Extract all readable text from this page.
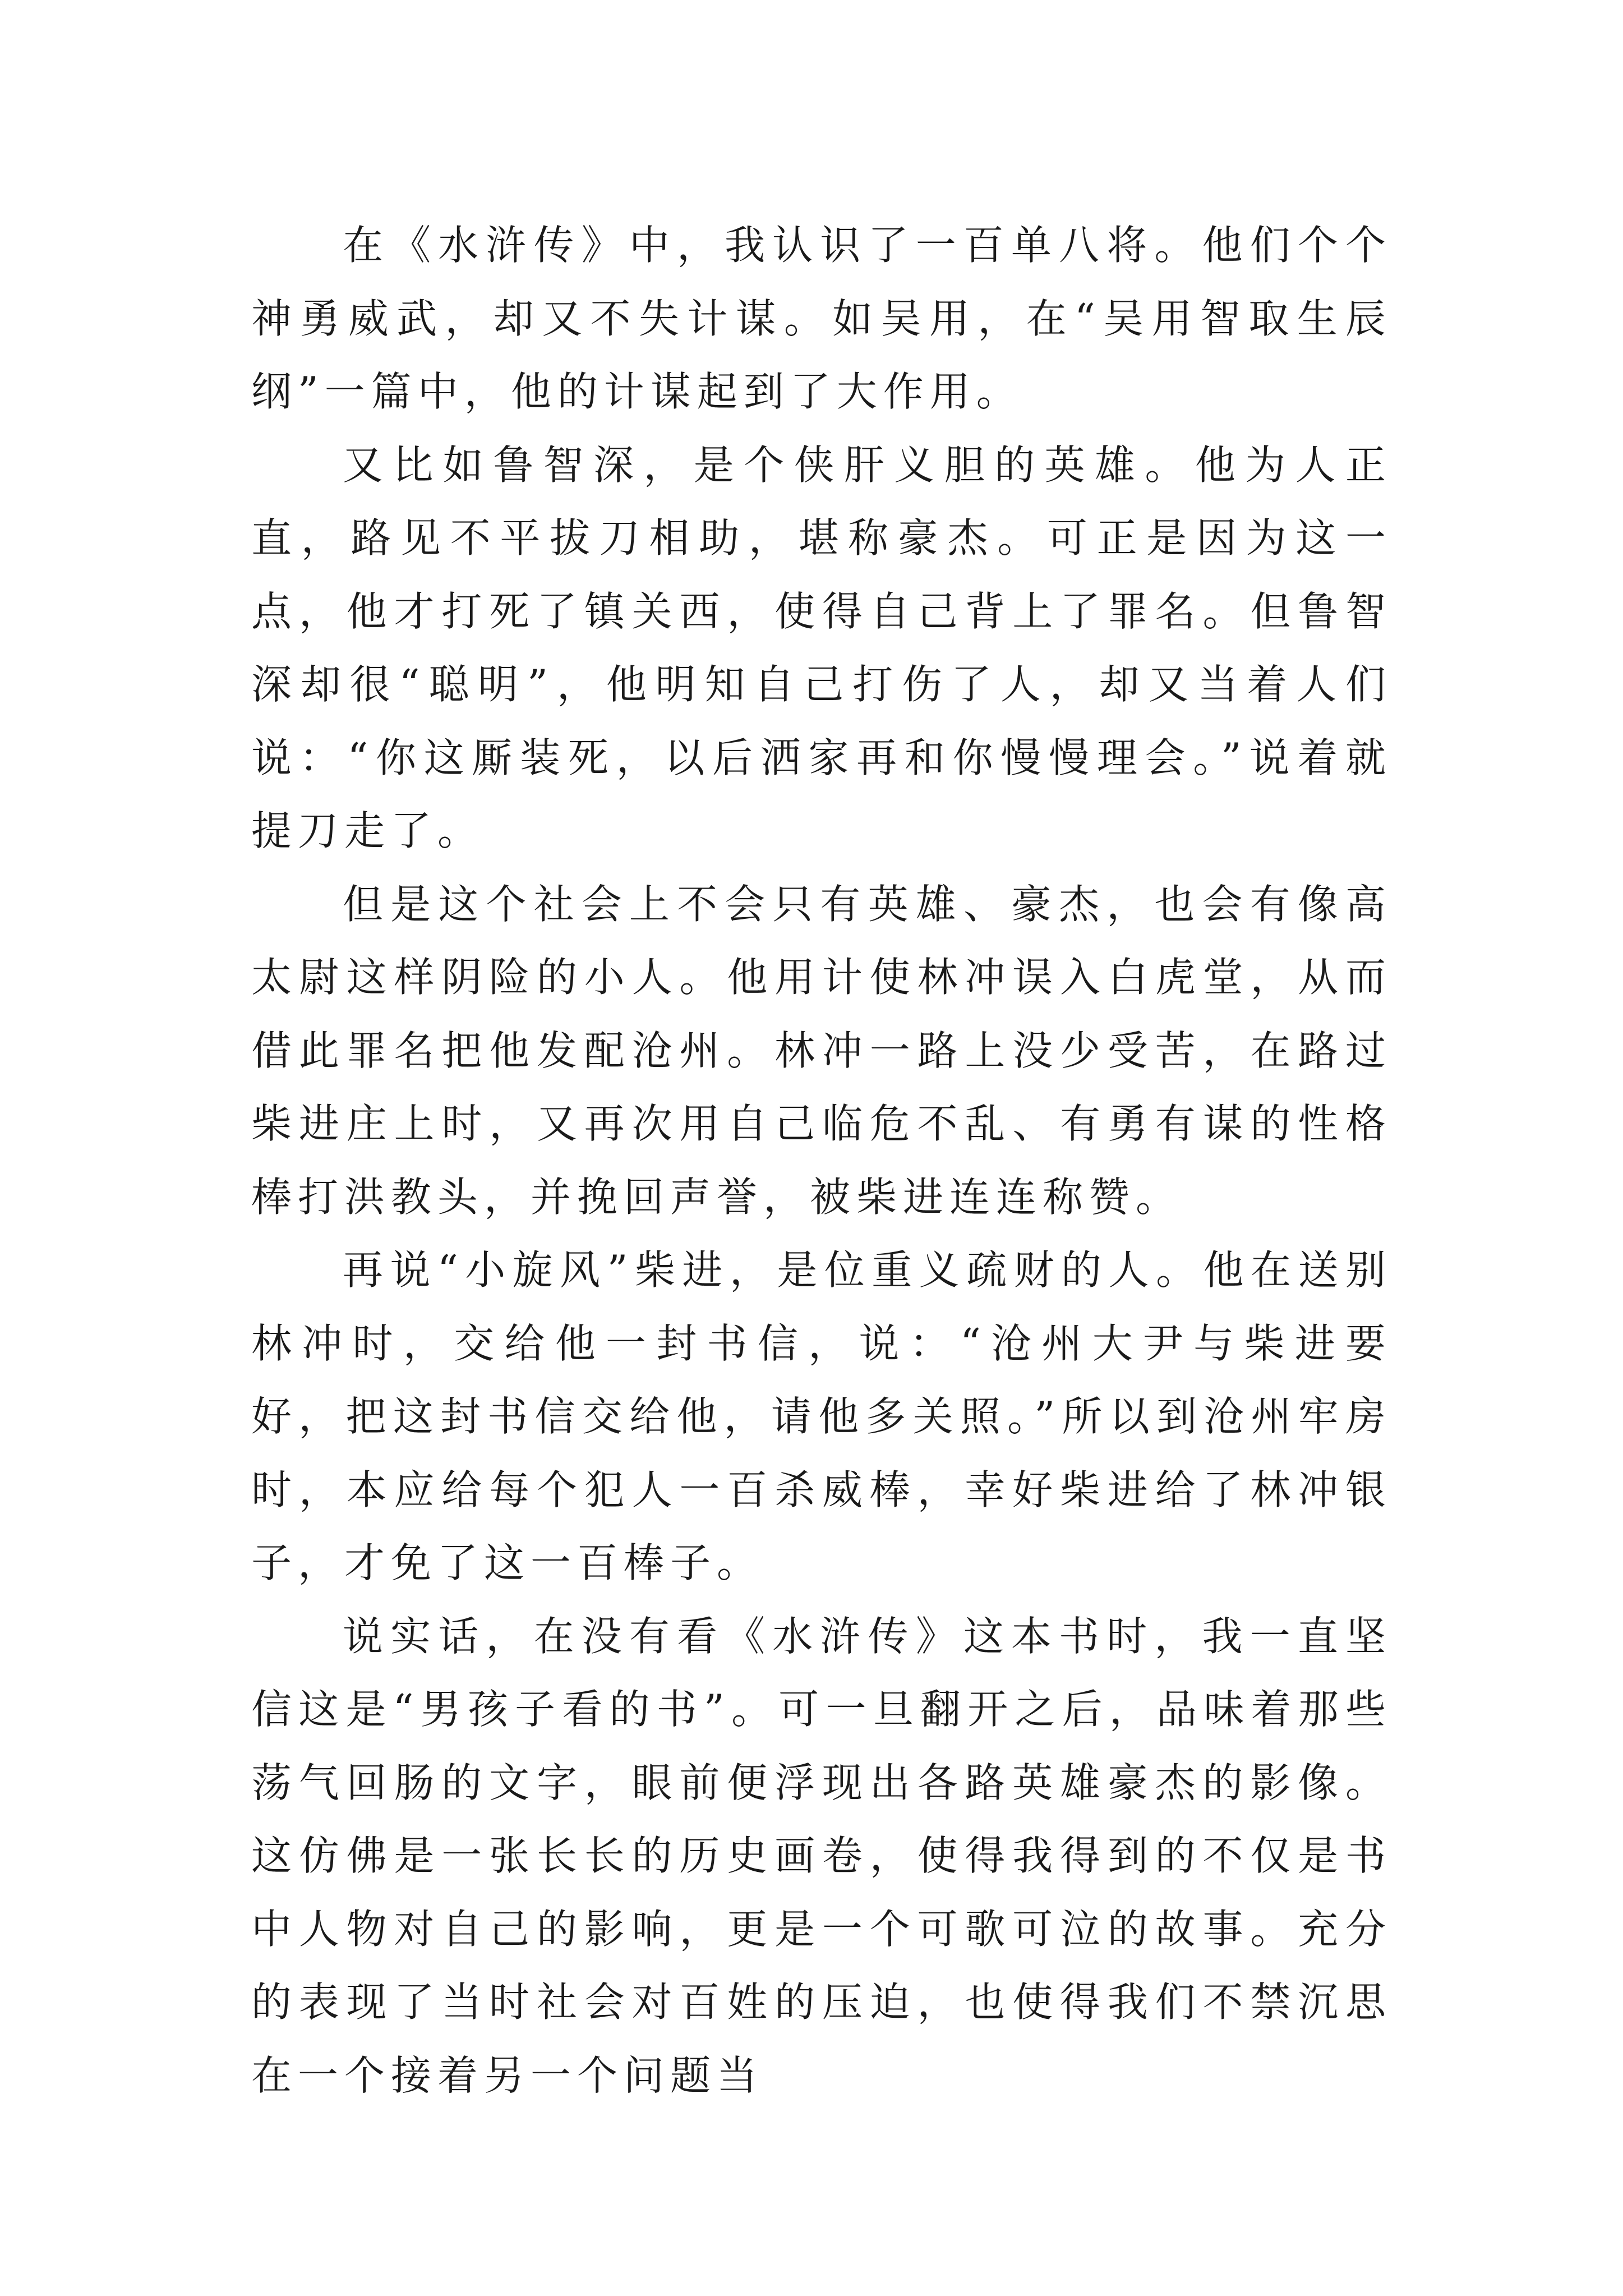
在《水浒传》中，我认识了一百单八将。他们个个神勇威武，却又不失计谋。如吴用，在“吴用智取生辰纲”一篇中，他的计谋起到了大作用。

又比如鲁智深，是个侠肝义胆的英雄。他为人正直，路见不平拔刀相助，堪称豪杰。可正是因为这一点，他才打死了镇关西，使得自己背上了罪名。但鲁智深却很“聪明”，他明知自己打伤了人，却又当着人们说：“你这厮装死，以后洒家再和你慢慢理会。”说着就提刀走了。

但是这个社会上不会只有英雄、豪杰，也会有像高太尉这样阴险的小人。他用计使林冲误入白虎堂，从而借此罪名把他发配沧州。林冲一路上没少受苦，在路过柴进庄上时，又再次用自己临危不乱、有勇有谋的性格棒打洪教头，并挽回声誉，被柴进连连称赞。

再说“小旋风”柴进，是位重义疏财的人。他在送别林冲时，交给他一封书信，说：“沧州大尹与柴进要好，把这封书信交给他，请他多关照。”所以到沧州牢房时，本应给每个犯人一百杀威棒，幸好柴进给了林冲银子，才免了这一百棒子。

说实话，在没有看《水浒传》这本书时，我一直坚信这是“男孩子看的书”。可一旦翻开之后，品味着那些荡气回肠的文字，眼前便浮现出各路英雄豪杰的影像。这仿佛是一张长长的历史画卷，使得我得到的不仅是书中人物对自己的影响，更是一个可歌可泣的故事。充分的表现了当时社会对百姓的压迫，也使得我们不禁沉思在一个接着另一个问题当
